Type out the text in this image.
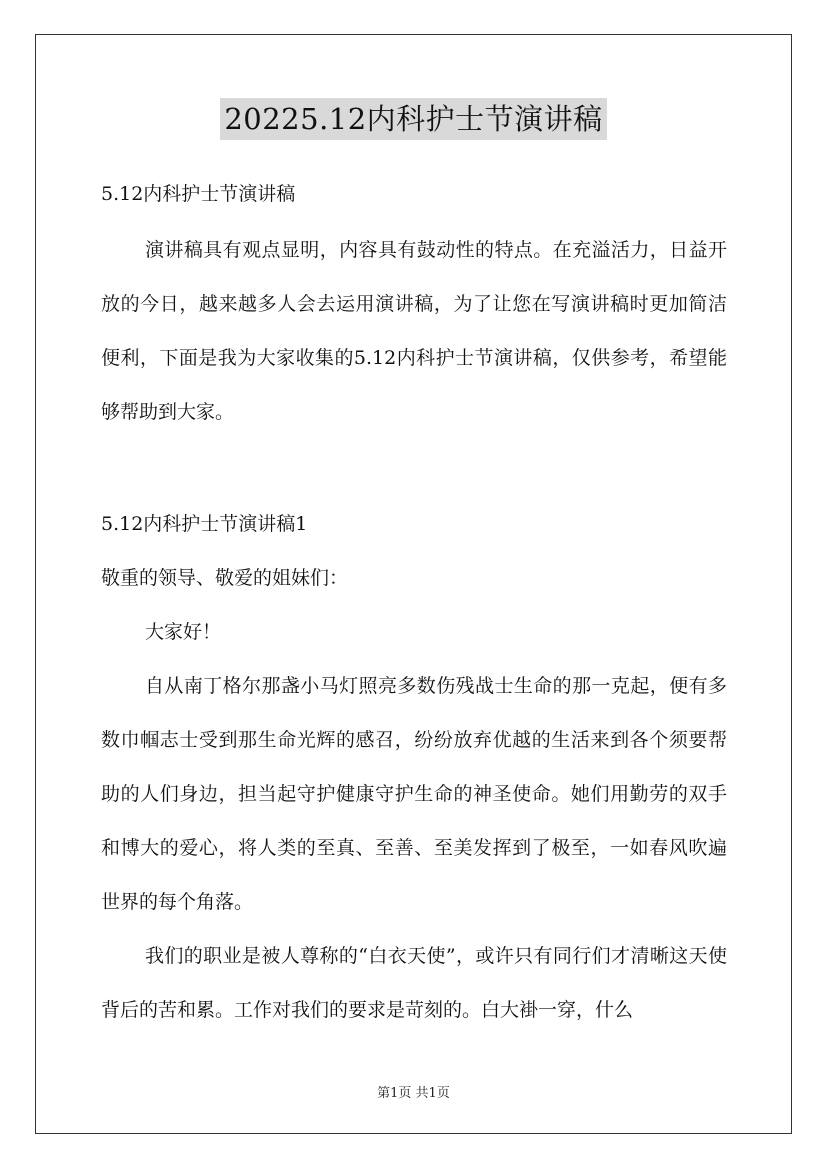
20225.12内科护士节演讲稿
5.12内科护士节演讲稿

演讲稿具有观点显明，内容具有鼓动性的特点。在充溢活力，日益开放的今日，越来越多人会去运用演讲稿，为了让您在写演讲稿时更加简洁便利，下面是我为大家收集的5.12内科护士节演讲稿，仅供参考，希望能够帮助到大家。

5.12内科护士节演讲稿1
敬重的领导、敬爱的姐妹们：
大家好！

自从南丁格尔那盏小马灯照亮多数伤残战士生命的那一克起，便有多数巾帼志士受到那生命光辉的感召，纷纷放弃优越的生活来到各个须要帮助的人们身边，担当起守护健康守护生命的神圣使命。她们用勤劳的双手和博大的爱心，将人类的至真、至善、至美发挥到了极至，一如春风吹遍世界的每个角落。

我们的职业是被人尊称的“白衣天使”，或许只有同行们才清晰这天使背后的苦和累。工作对我们的要求是苛刻的。白大褂一穿，什么

第1页 共1页
